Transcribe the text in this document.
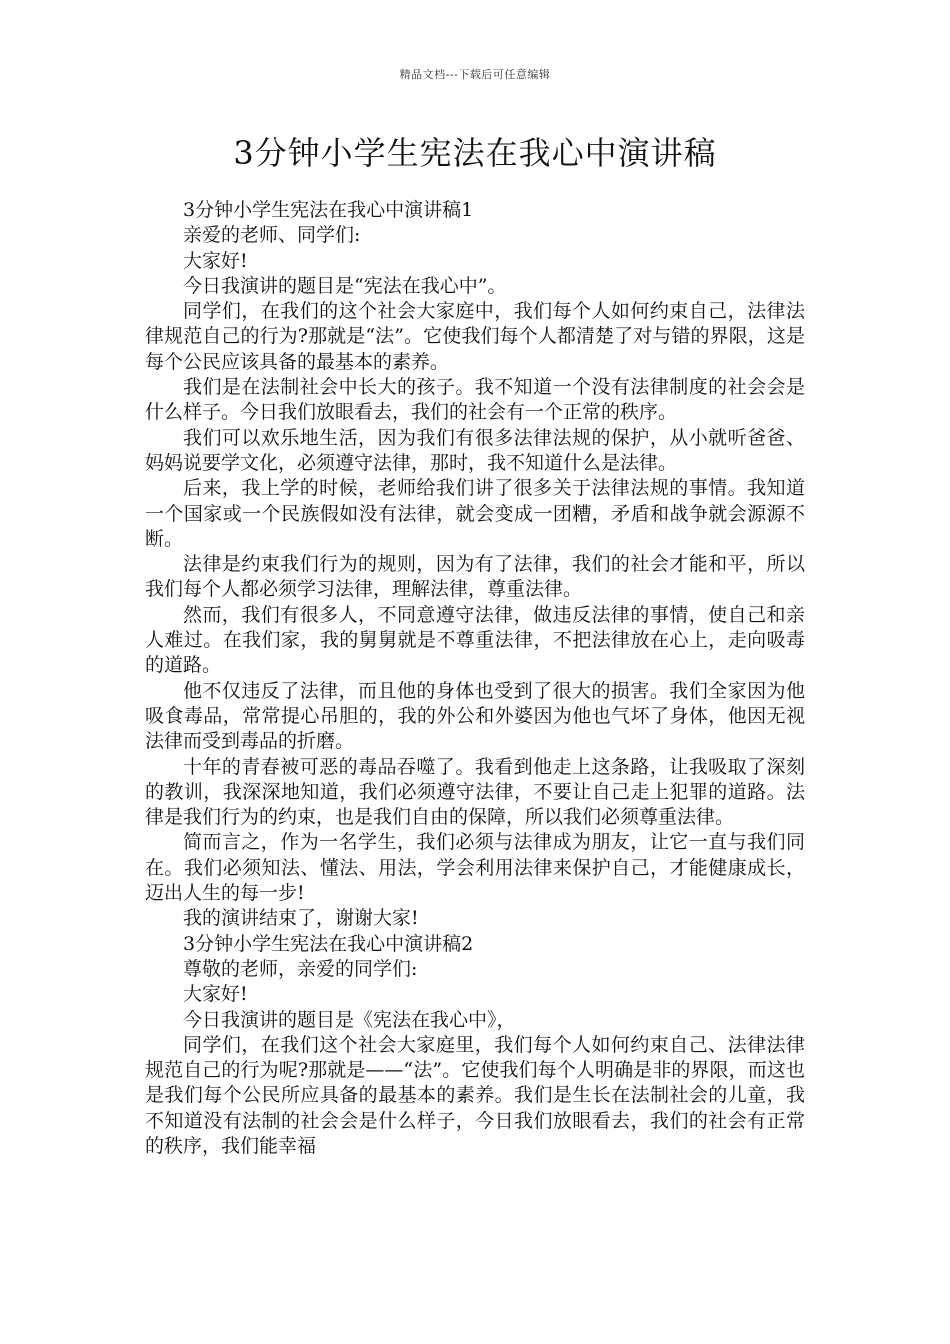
精品文档---下载后可任意编辑
3分钟小学生宪法在我心中演讲稿

3分钟小学生宪法在我心中演讲稿1

亲爱的老师、同学们:

大家好!

今日我演讲的题目是“宪法在我心中”。

同学们，在我们的这个社会大家庭中，我们每个人如何约束自己，法律法律规范自己的行为?那就是“法”。它使我们每个人都清楚了对与错的界限，这是每个公民应该具备的最基本的素养。

我们是在法制社会中长大的孩子。我不知道一个没有法律制度的社会会是什么样子。今日我们放眼看去，我们的社会有一个正常的秩序。

我们可以欢乐地生活，因为我们有很多法律法规的保护，从小就听爸爸、妈妈说要学文化，必须遵守法律，那时，我不知道什么是法律。

后来，我上学的时候，老师给我们讲了很多关于法律法规的事情。我知道一个国家或一个民族假如没有法律，就会变成一团糟，矛盾和战争就会源源不断。

法律是约束我们行为的规则，因为有了法律，我们的社会才能和平，所以我们每个人都必须学习法律，理解法律，尊重法律。

然而，我们有很多人，不同意遵守法律，做违反法律的事情，使自己和亲人难过。在我们家，我的舅舅就是不尊重法律，不把法律放在心上，走向吸毒的道路。

他不仅违反了法律，而且他的身体也受到了很大的损害。我们全家因为他吸食毒品，常常提心吊胆的，我的外公和外婆因为他也气坏了身体，他因无视法律而受到毒品的折磨。

十年的青春被可恶的毒品吞噬了。我看到他走上这条路，让我吸取了深刻的教训，我深深地知道，我们必须遵守法律，不要让自己走上犯罪的道路。法律是我们行为的约束，也是我们自由的保障，所以我们必须尊重法律。

简而言之，作为一名学生，我们必须与法律成为朋友，让它一直与我们同在。我们必须知法、懂法、用法，学会利用法律来保护自己，才能健康成长，迈出人生的每一步!

我的演讲结束了，谢谢大家!

3分钟小学生宪法在我心中演讲稿2

尊敬的老师，亲爱的同学们:

大家好!

今日我演讲的题目是《宪法在我心中》，

同学们，在我们这个社会大家庭里，我们每个人如何约束自己、法律法律规范自己的行为呢?那就是——“法”。它使我们每个人明确是非的界限，而这也是我们每个公民所应具备的最基本的素养。我们是生长在法制社会的儿童，我不知道没有法制的社会会是什么样子，今日我们放眼看去，我们的社会有正常的秩序，我们能幸福
